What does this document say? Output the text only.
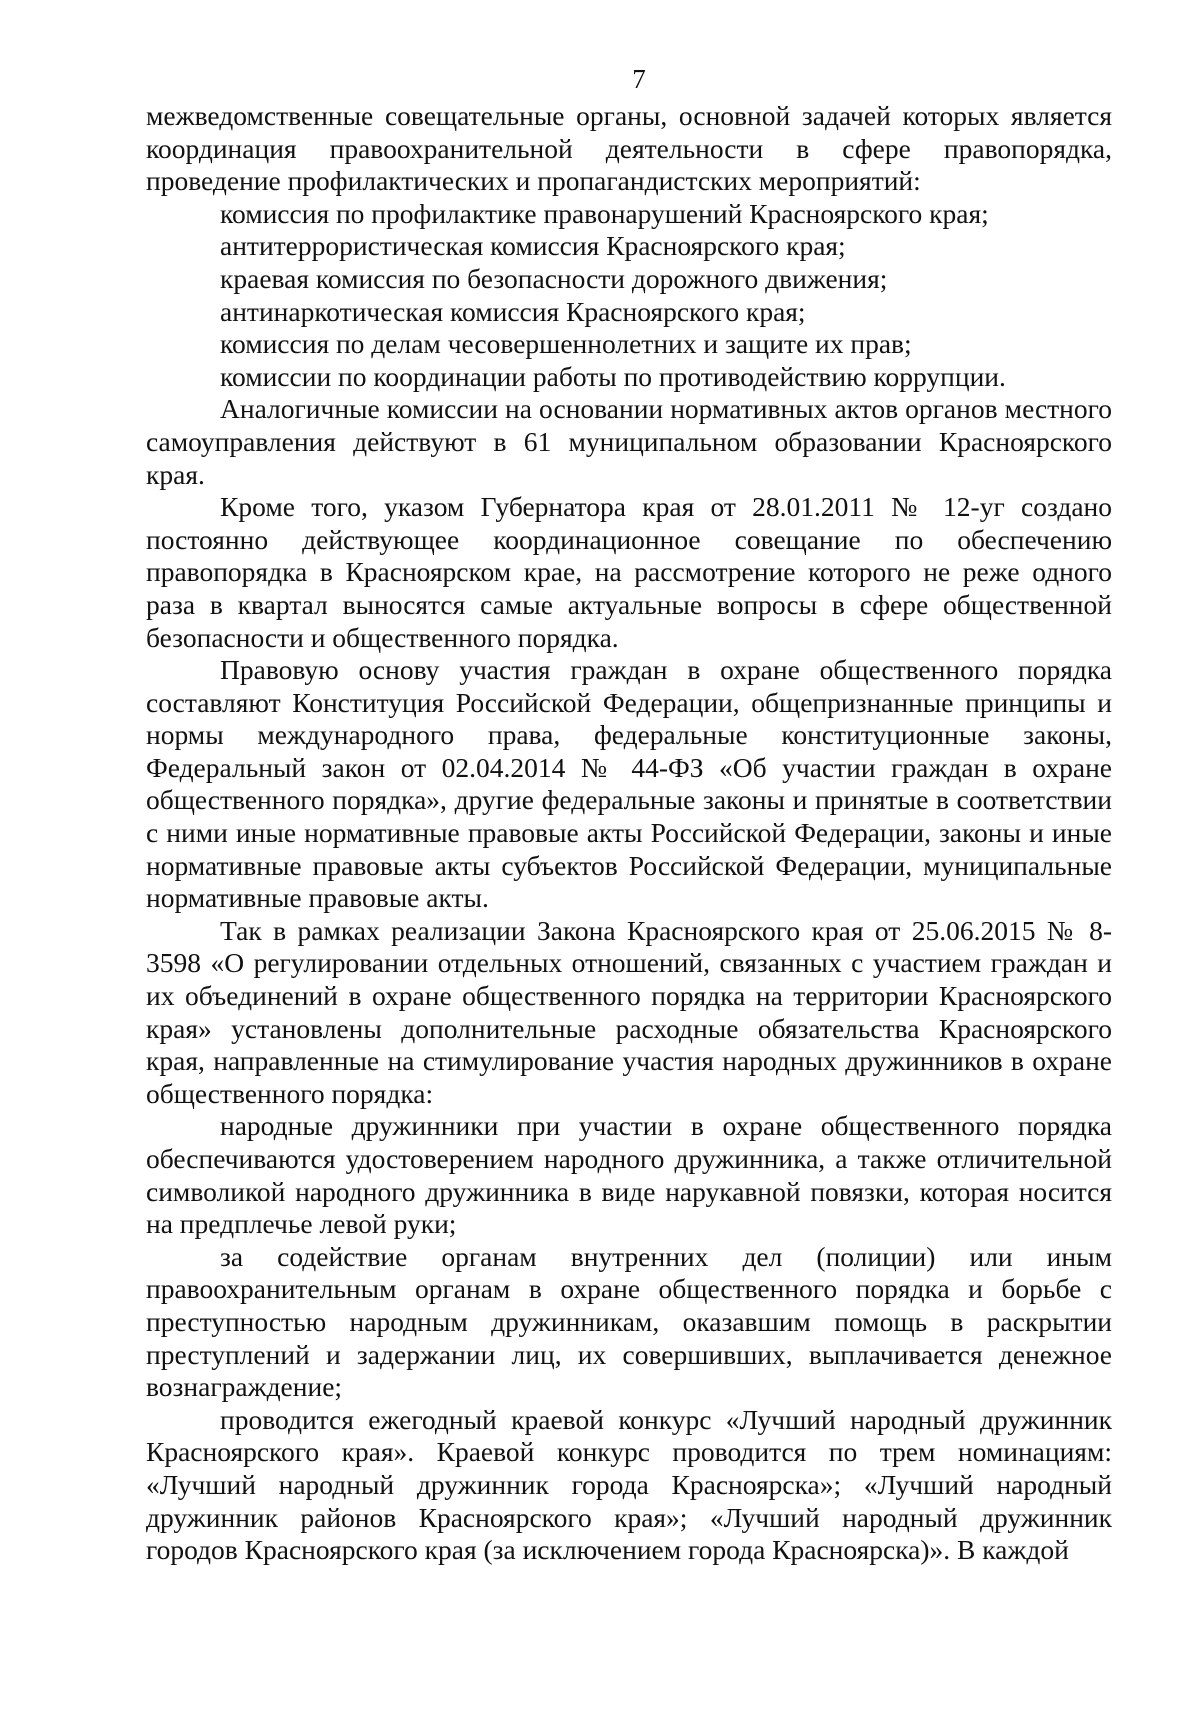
7

межведомственные совещательные органы, основной задачей которых является координация правоохранительной деятельности в сфере правопорядка, проведение профилактических и пропагандистских мероприятий:

комиссия по профилактике правонарушений Красноярского края;

антитеррористическая комиссия Красноярского края;

краевая комиссия по безопасности дорожного движения;

антинаркотическая комиссия Красноярского края;

комиссия по делам чесовершеннолетних и защите их прав;

комиссии по координации работы по противодействию коррупции.

Аналогичные комиссии на основании нормативных актов органов местного самоуправления действуют в 61 муниципальном образовании Красноярского края.

Кроме того, указом Губернатора края от 28.01.2011 № 12-уг создано постоянно действующее координационное совещание по обеспечению правопорядка в Красноярском крае, на рассмотрение которого не реже одного раза в квартал выносятся самые актуальные вопросы в сфере общественной безопасности и общественного порядка.

Правовую основу участия граждан в охране общественного порядка составляют Конституция Российской Федерации, общепризнанные принципы и нормы международного права, федеральные конституционные законы, Федеральный закон от 02.04.2014 № 44-ФЗ «Об участии граждан в охране общественного порядка», другие федеральные законы и принятые в соответствии с ними иные нормативные правовые акты Российской Федерации, законы и иные нормативные правовые акты субъектов Российской Федерации, муниципальные нормативные правовые акты.

Так в рамках реализации Закона Красноярского края от 25.06.2015 № 8-3598 «О регулировании отдельных отношений, связанных с участием граждан и их объединений в охране общественного порядка на территории Красноярского края» установлены дополнительные расходные обязательства Красноярского края, направленные на стимулирование участия народных дружинников в охране общественного порядка:

народные дружинники при участии в охране общественного порядка обеспечиваются удостоверением народного дружинника, а также отличительной символикой народного дружинника в виде нарукавной повязки, которая носится на предплечье левой руки;

за содействие органам внутренних дел (полиции) или иным правоохранительным органам в охране общественного порядка и борьбе с преступностью народным дружинникам, оказавшим помощь в раскрытии преступлений и задержании лиц, их совершивших, выплачивается денежное вознаграждение;

проводится ежегодный краевой конкурс «Лучший народный дружинник Красноярского края». Краевой конкурс проводится по трем номинациям: «Лучший народный дружинник города Красноярска»; «Лучший народный дружинник районов Красноярского края»; «Лучший народный дружинник городов Красноярского края (за исключением города Красноярска)». В каждой
